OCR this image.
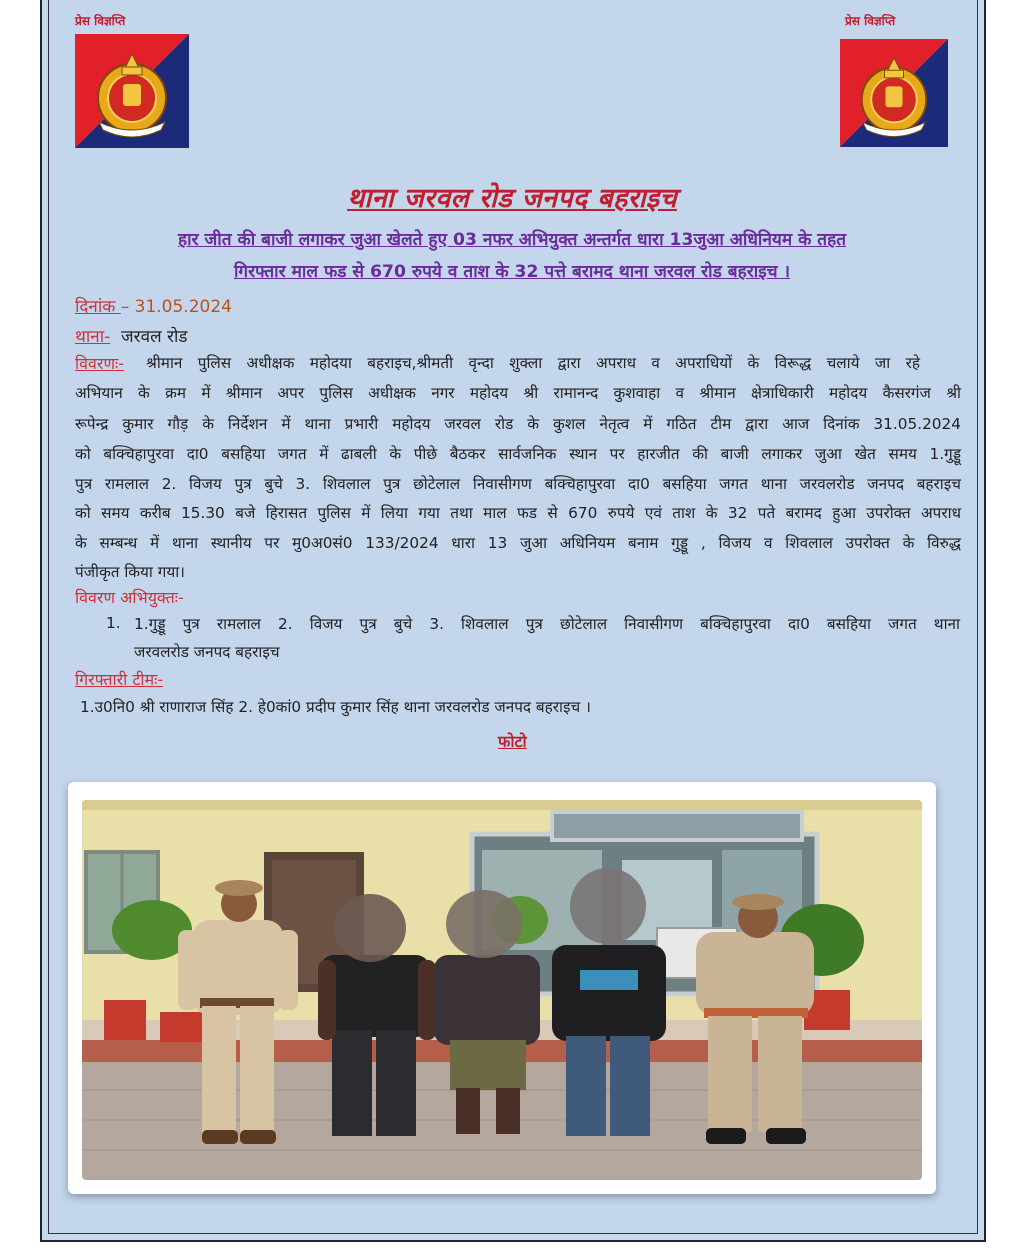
प्रेस विज्ञप्ति	प्रेस विज्ञप्ति
थाना जरवल रोड जनपद बहराइच
हार जीत की बाजी लगाकर जुआ खेलते हुए 03 नफर अभियुक्त अन्तर्गत धारा 13जुआ अधिनियम के तहत
गिरफ्तार माल फड से 670 रुपये व ताश के 32 पत्ते बरामद थाना जरवल रोड बहराइच ।
दिनांक – 31.05.2024
थाना-  जरवल रोड
विवरणः- श्रीमान पुलिस अधीक्षक महोदया बहराइच,श्रीमती वृन्दा शुक्ला द्वारा अपराध व अपराधियों के विरूद्ध चलाये जा रहे
अभियान के क्रम में श्रीमान अपर पुलिस अधीक्षक नगर महोदय श्री रामानन्द कुशवाहा व श्रीमान क्षेत्राधिकारी महोदय कैसरगंज श्री
रूपेन्द्र कुमार गौड़ के निर्देशन में थाना प्रभारी महोदय जरवल रोड के कुशल नेतृत्व में गठित टीम द्वारा आज दिनांक 31.05.2024
को बक्चिहापुरवा दा0 बसहिया जगत में ढाबली के पीछे बैठकर सार्वजनिक स्थान पर हारजीत की बाजी लगाकर जुआ खेत समय 1.गुड्डू
पुत्र रामलाल 2. विजय पुत्र बुचे 3. शिवलाल पुत्र छोटेलाल निवासीगण बक्चिहापुरवा दा0 बसहिया जगत थाना जरवलरोड जनपद बहराइच
को समय करीब 15.30 बजे हिरासत पुलिस में लिया गया तथा माल फड से 670 रुपये एवं ताश के 32 पते बरामद हुआ उपरोक्त अपराध
के सम्बन्ध में थाना स्थानीय पर मु0अ0सं0 133/2024 धारा 13 जुआ अधिनियम बनाम गुड्डू , विजय व शिवलाल उपरोक्त के विरुद्ध
पंजीकृत किया गया।
विवरण अभियुक्तः-
1. 1.गुड्डू पुत्र रामलाल 2. विजय पुत्र बुचे 3. शिवलाल पुत्र छोटेलाल निवासीगण बक्चिहापुरवा दा0 बसहिया जगत थाना
जरवलरोड जनपद बहराइच
गिरफ्तारी टीमः-
1.उ0नि0 श्री राणाराज सिंह 2. हे0कां0 प्रदीप कुमार सिंह थाना जरवलरोड जनपद बहराइच ।
फोटो
